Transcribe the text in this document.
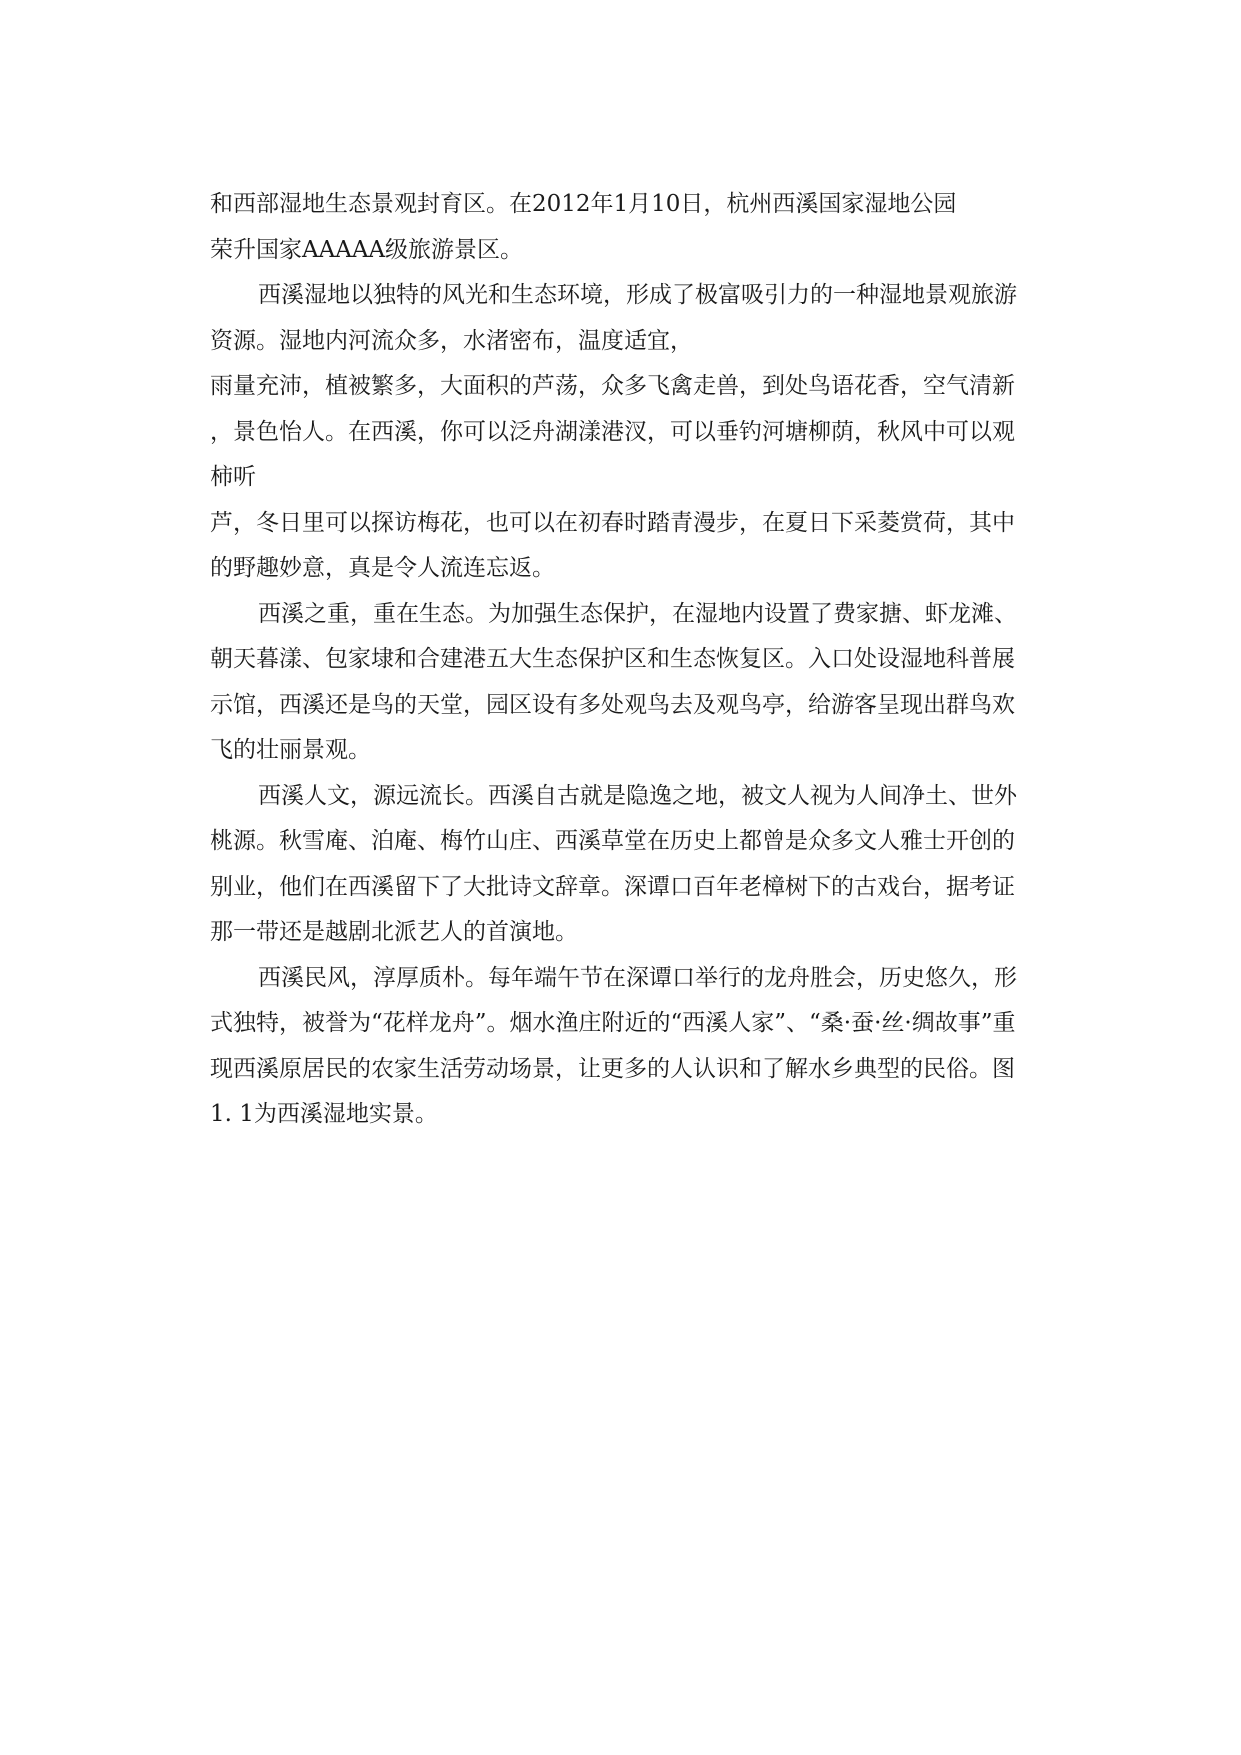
和西部湿地生态景观封育区。在2012年1月10日，杭州西溪国家湿地公园
荣升国家AAAAA级旅游景区。
西溪湿地以独特的风光和生态环境，形成了极富吸引力的一种湿地景观旅游
资源。湿地内河流众多，水渚密布，温度适宜，
雨量充沛，植被繁多，大面积的芦荡，众多飞禽走兽，到处鸟语花香，空气清新
，景色怡人。在西溪，你可以泛舟湖漾港汊，可以垂钓河塘柳荫，秋风中可以观
柿听
芦，冬日里可以探访梅花，也可以在初春时踏青漫步，在夏日下采菱赏荷，其中
的野趣妙意，真是令人流连忘返。
西溪之重，重在生态。为加强生态保护，在湿地内设置了费家搪、虾龙滩、
朝天暮漾、包家埭和合建港五大生态保护区和生态恢复区。入口处设湿地科普展
示馆，西溪还是鸟的天堂，园区设有多处观鸟去及观鸟亭，给游客呈现出群鸟欢
飞的壮丽景观。
西溪人文，源远流长。西溪自古就是隐逸之地，被文人视为人间净土、世外
桃源。秋雪庵、泊庵、梅竹山庄、西溪草堂在历史上都曾是众多文人雅士开创的
别业，他们在西溪留下了大批诗文辞章。深谭口百年老樟树下的古戏台，据考证
那一带还是越剧北派艺人的首演地。
西溪民风，淳厚质朴。每年端午节在深谭口举行的龙舟胜会，历史悠久，形
式独特，被誉为“花样龙舟”。烟水渔庄附近的“西溪人家”、“桑·蚕·丝·绸故事”重
现西溪原居民的农家生活劳动场景，让更多的人认识和了解水乡典型的民俗。图
1. 1为西溪湿地实景。
